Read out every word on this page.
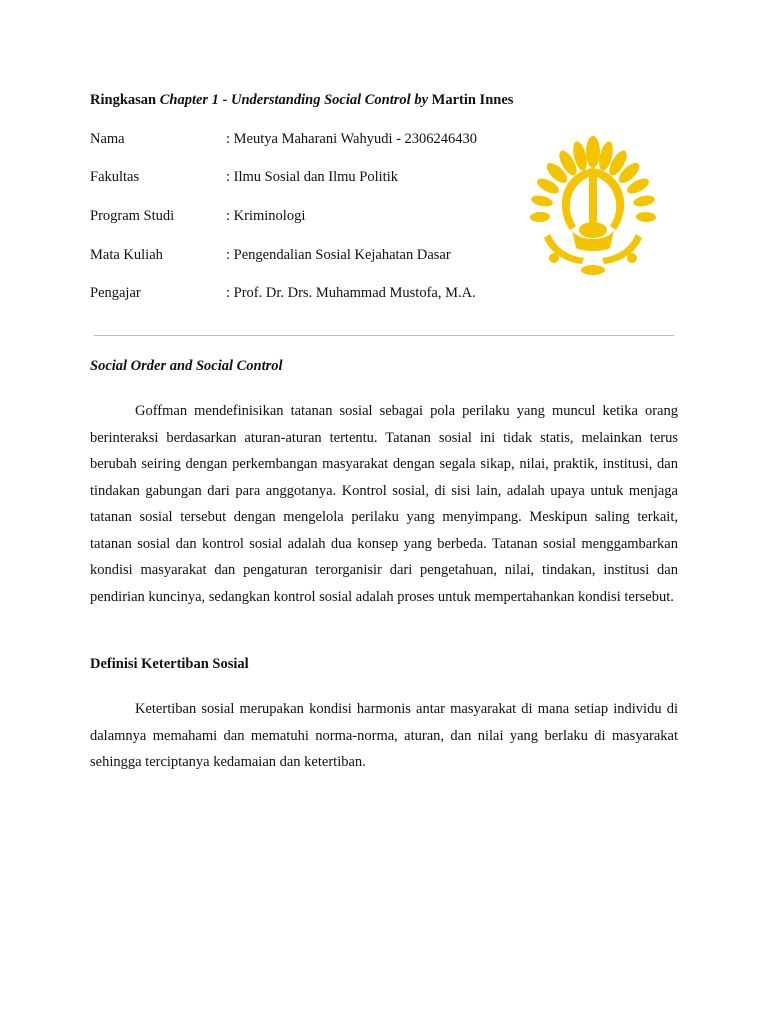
Ringkasan Chapter 1 - Understanding Social Control by Martin Innes
Nama	: Meutya Maharani Wahyudi - 2306246430
Fakultas	: Ilmu Sosial dan Ilmu Politik
Program Studi	: Kriminologi
Mata Kuliah	: Pengendalian Sosial Kejahatan Dasar
Pengajar	: Prof. Dr. Drs. Muhammad Mustofa, M.A.
Social Order and Social Control

Goffman mendefinisikan tatanan sosial sebagai pola perilaku yang muncul ketika orang berinteraksi berdasarkan aturan-aturan tertentu. Tatanan sosial ini tidak statis, melainkan terus berubah seiring dengan perkembangan masyarakat dengan segala sikap, nilai, praktik, institusi, dan tindakan gabungan dari para anggotanya. Kontrol sosial, di sisi lain, adalah upaya untuk menjaga tatanan sosial tersebut dengan mengelola perilaku yang menyimpang. Meskipun saling terkait, tatanan sosial dan kontrol sosial adalah dua konsep yang berbeda. Tatanan sosial menggambarkan kondisi masyarakat dan pengaturan terorganisir dari pengetahuan, nilai, tindakan, institusi dan pendirian kuncinya, sedangkan kontrol sosial adalah proses untuk mempertahankan kondisi tersebut.

Definisi Ketertiban Sosial

Ketertiban sosial merupakan kondisi harmonis antar masyarakat di mana setiap individu di dalamnya memahami dan mematuhi norma-norma, aturan, dan nilai yang berlaku di masyarakat sehingga terciptanya kedamaian dan ketertiban.
